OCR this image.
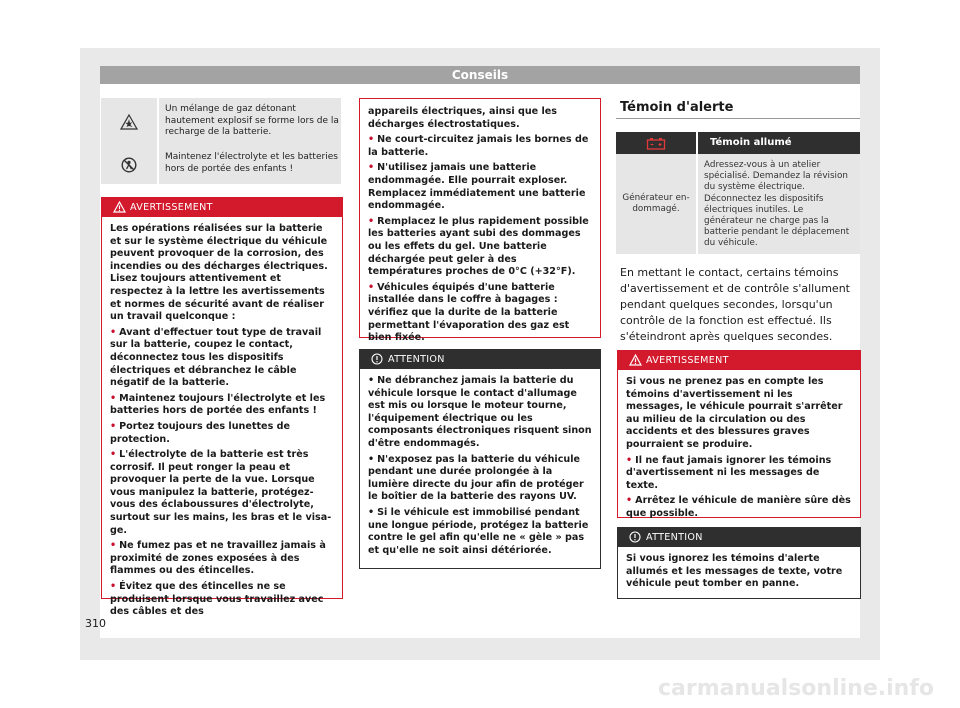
Conseils
Un mélange de gaz détonant hautement explosif se forme lors de la recharge de la batterie.
Maintenez l'électrolyte et les batteries hors de portée des enfants !
AVERTISSEMENT

Les opérations réalisées sur la batterie et sur le système électrique du véhicule peuvent provoquer de la corrosion, des incendies ou des décharges électriques. Lisez toujours attentivement et respectez à la lettre les avertissements et normes de sécurité avant de réaliser un travail quelconque :

• Avant d'effectuer tout type de travail sur la batterie, coupez le contact, déconnectez tous les dispositifs électriques et débranchez le câble négatif de la batterie.

• Maintenez toujours l'électrolyte et les batteries hors de portée des enfants !

• Portez toujours des lunettes de protection.

• L'électrolyte de la batterie est très corrosif. Il peut ronger la peau et provoquer la perte de la vue. Lorsque vous manipulez la batterie, protégez-vous des éclaboussures d'électrolyte, surtout sur les mains, les bras et le visage.

• Ne fumez pas et ne travaillez jamais à proximité de zones exposées à des flammes ou des étincelles.

• Évitez que des étincelles ne se produisent lorsque vous travaillez avec des câbles et des

appareils électriques, ainsi que les décharges électrostatiques.

• Ne court-circuitez jamais les bornes de la batterie.

• N'utilisez jamais une batterie endommagée. Elle pourrait exploser. Remplacez immédiatement une batterie endommagée.

• Remplacez le plus rapidement possible les batteries ayant subi des dommages ou les effets du gel. Une batterie déchargée peut geler à des températures proches de 0°C (+32°F).

• Véhicules équipés d'une batterie installée dans le coffre à bagages : vérifiez que la durite de la batterie permettant l'évaporation des gaz est bien fixée.

ATTENTION

• Ne débranchez jamais la batterie du véhicule lorsque le contact d'allumage est mis ou lorsque le moteur tourne, l'équipement électrique ou les composants électroniques risquent sinon d'être endommagés.

• N'exposez pas la batterie du véhicule pendant une durée prolongée à la lumière directe du jour afin de protéger le boîtier de la batterie des rayons UV.

• Si le véhicule est immobilisé pendant une longue période, protégez la batterie contre le gel afin qu'elle ne « gèle » pas et qu'elle ne soit ainsi détériorée.

Témoin d'alerte
Témoin allumé
Générateur endommagé.
Adressez-vous à un atelier spécialisé. Demandez la révision du système électrique. Déconnectez les dispositifs électriques inutiles. Le générateur ne charge pas la batterie pendant le déplacement du véhicule.
En mettant le contact, certains témoins d'avertissement et de contrôle s'allument pendant quelques secondes, lorsqu'un contrôle de la fonction est effectué. Ils s'éteindront après quelques secondes.
AVERTISSEMENT

Si vous ne prenez pas en compte les témoins d'avertissement ni les messages, le véhicule pourrait s'arrêter au milieu de la circulation ou des accidents et des blessures graves pourraient se produire.

• Il ne faut jamais ignorer les témoins d'avertissement ni les messages de texte.

• Arrêtez le véhicule de manière sûre dès que possible.

ATTENTION

Si vous ignorez les témoins d'alerte allumés et les messages de texte, votre véhicule peut tomber en panne.

310
carmanualsonline.info
